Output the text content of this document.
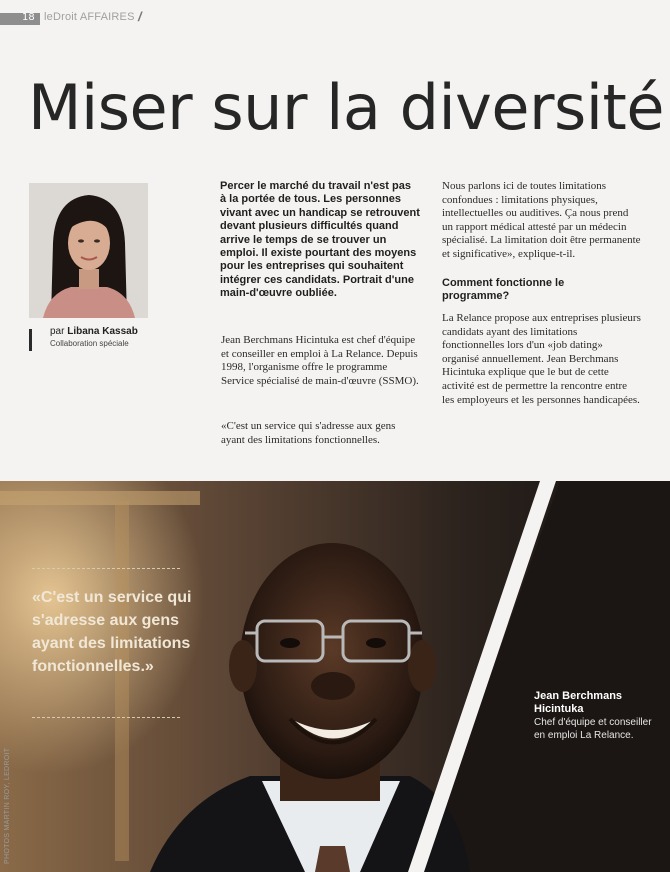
18 leDroit AFFAIRES /
Miser sur la diversité
par Libana Kassab
Collaboration spéciale
Percer le marché du travail n'est pas à la portée de tous. Les personnes vivant avec un handicap se retrouvent devant plusieurs difficultés quand arrive le temps de se trouver un emploi. Il existe pourtant des moyens pour les entreprises qui souhaitent intégrer ces candidats. Portrait d'une main-d'œuvre oubliée.
Jean Berchmans Hicintuka est chef d'équipe et conseiller en emploi à La Relance. Depuis 1998, l'organisme offre le programme Service spécialisé de main-d'œuvre (SSMO).
«C'est un service qui s'adresse aux gens ayant des limitations fonctionnelles.
Nous parlons ici de toutes limitations confondues : limitations physiques, intellectuelles ou auditives. Ça nous prend un rapport médical attesté par un médecin spécialisé. La limitation doit être permanente et significative», explique-t-il.
Comment fonctionne le programme?
La Relance propose aux entreprises plusieurs candidats ayant des limitations fonctionnelles lors d'un «job dating» organisé annuellement. Jean Berchmans Hicintuka explique que le but de cette activité est de permettre la rencontre entre les employeurs et les personnes handicapées.
«C'est un service qui s'adresse aux gens ayant des limitations fonctionnelles.»
Jean Berchmans Hicintuka
Chef d'équipe et conseiller en emploi La Relance.
PHOTOS MARTIN ROY, LEDROIT
